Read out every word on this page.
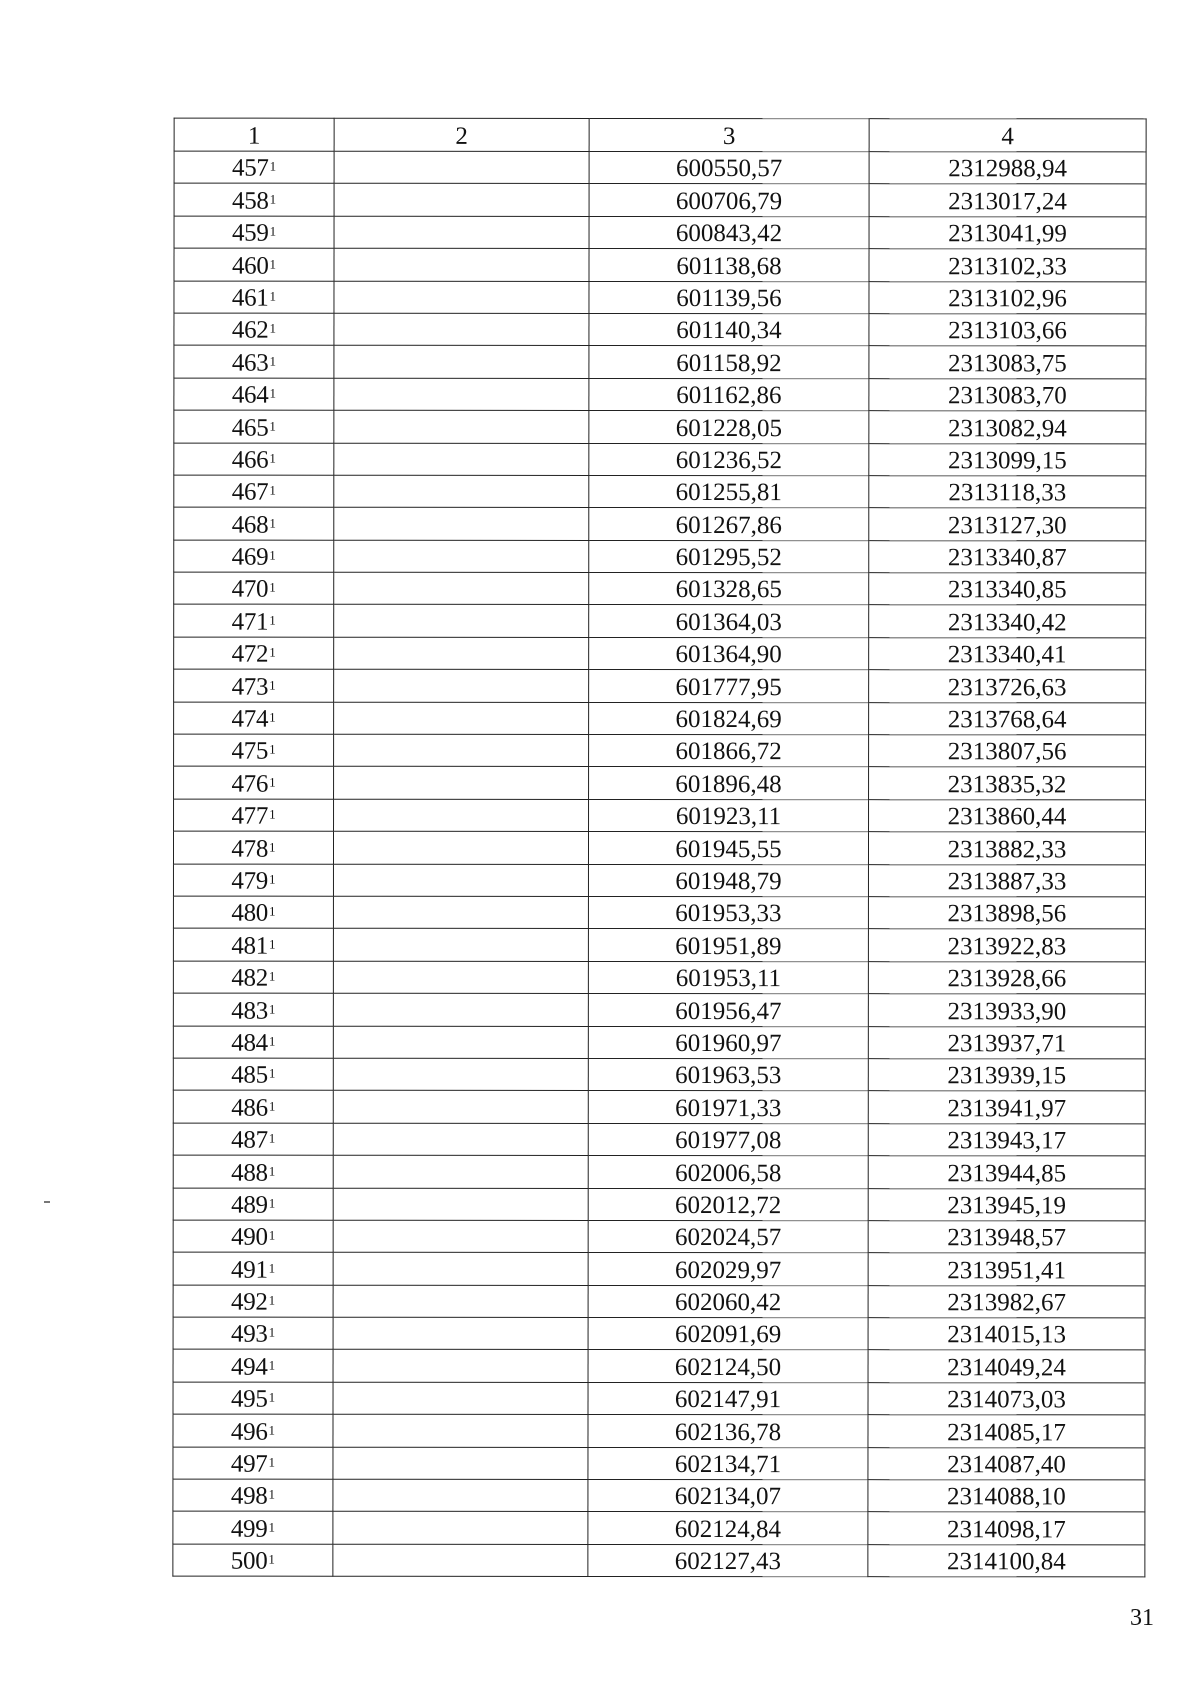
1	2	3	4
$457^1$		600550,57	2312988,94
$458^1$		600706,79	2313017,24
$459^1$		600843,42	2313041,99
$460^1$		601138,68	2313102,33
$461^1$		601139,56	2313102,96
$462^1$		601140,34	2313103,66
$463^1$		601158,92	2313083,75
$464^1$		601162,86	2313083,70
$465^1$		601228,05	2313082,94
$466^1$		601236,52	2313099,15
$467^1$		601255,81	2313118,33
$468^1$		601267,86	2313127,30
$469^1$		601295,52	2313340,87
$470^1$		601328,65	2313340,85
$471^1$		601364,03	2313340,42
$472^1$		601364,90	2313340,41
$473^1$		601777,95	2313726,63
$474^1$		601824,69	2313768,64
$475^1$		601866,72	2313807,56
$476^1$		601896,48	2313835,32
$477^1$		601923,11	2313860,44
$478^1$		601945,55	2313882,33
$479^1$		601948,79	2313887,33
$480^1$		601953,33	2313898,56
$481^1$		601951,89	2313922,83
$482^1$		601953,11	2313928,66
$483^1$		601956,47	2313933,90
$484^1$		601960,97	2313937,71
$485^1$		601963,53	2313939,15
$486^1$		601971,33	2313941,97
$487^1$		601977,08	2313943,17
$488^1$		602006,58	2313944,85
$489^1$		602012,72	2313945,19
$490^1$		602024,57	2313948,57
$491^1$		602029,97	2313951,41
$492^1$		602060,42	2313982,67
$493^1$		602091,69	2314015,13
$494^1$		602124,50	2314049,24
$495^1$		602147,91	2314073,03
$496^1$		602136,78	2314085,17
$497^1$		602134,71	2314087,40
$498^1$		602134,07	2314088,10
$499^1$		602124,84	2314098,17
$500^1$		602127,43	2314100,84
31
